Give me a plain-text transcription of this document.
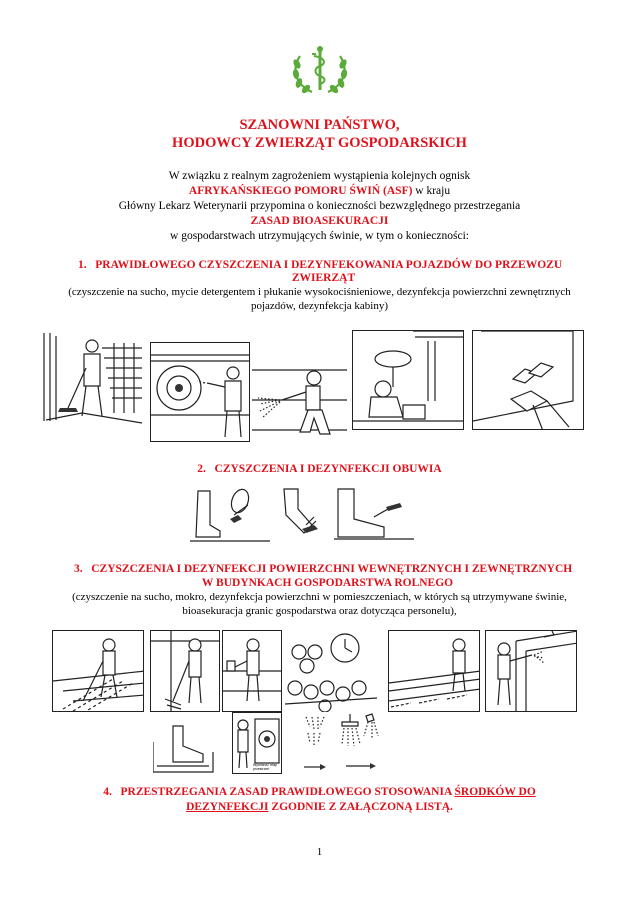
SZANOWNI PAŃSTWO,
HODOWCY ZWIERZĄT GOSPODARSKICH
W związku z realnym zagrożeniem wystąpienia kolejnych ognisk
AFRYKAŃSKIEGO POMORU ŚWIŃ (ASF) w kraju
Główny Lekarz Weterynarii przypomina o konieczności bezwzględnego przestrzegania
ZASAD BIOASEKURACJI
w gospodarstwach utrzymujących świnie, w tym o konieczności:
1. PRAWIDŁOWEGO CZYSZCZENIA I DEZYNFEKOWANIA POJAZDÓW DO PRZEWOZU
ZWIERZĄT
(czyszczenie na sucho, mycie detergentem i płukanie wysokociśnieniowe, dezynfekcja powierzchni zewnętrznych
pojazdów, dezynfekcja kabiny)
2. CZYSZCZENIA I DEZYNFEKCJI OBUWIA
3. CZYSZCZENIA I DEZYNFEKCJI POWIERZCHNI WEWNĘTRZNYCH I ZEWNĘTRZNYCH
W BUDYNKACH GOSPODARSTWA ROLNEGO
(czyszczenie na sucho, mokro, dezynfekcja powierzchni w pomieszczeniach, w których są utrzymywane świnie,
bioasekuracja granic gospodarstwa oraz dotycząca personelu),
Wymiana i etap przestrzeń
4. PRZESTRZEGANIA ZASAD PRAWIDŁOWEGO STOSOWANIA ŚRODKÓW DO
DEZYNFEKCJI ZGODNIE Z ZAŁĄCZONĄ LISTĄ.
1
